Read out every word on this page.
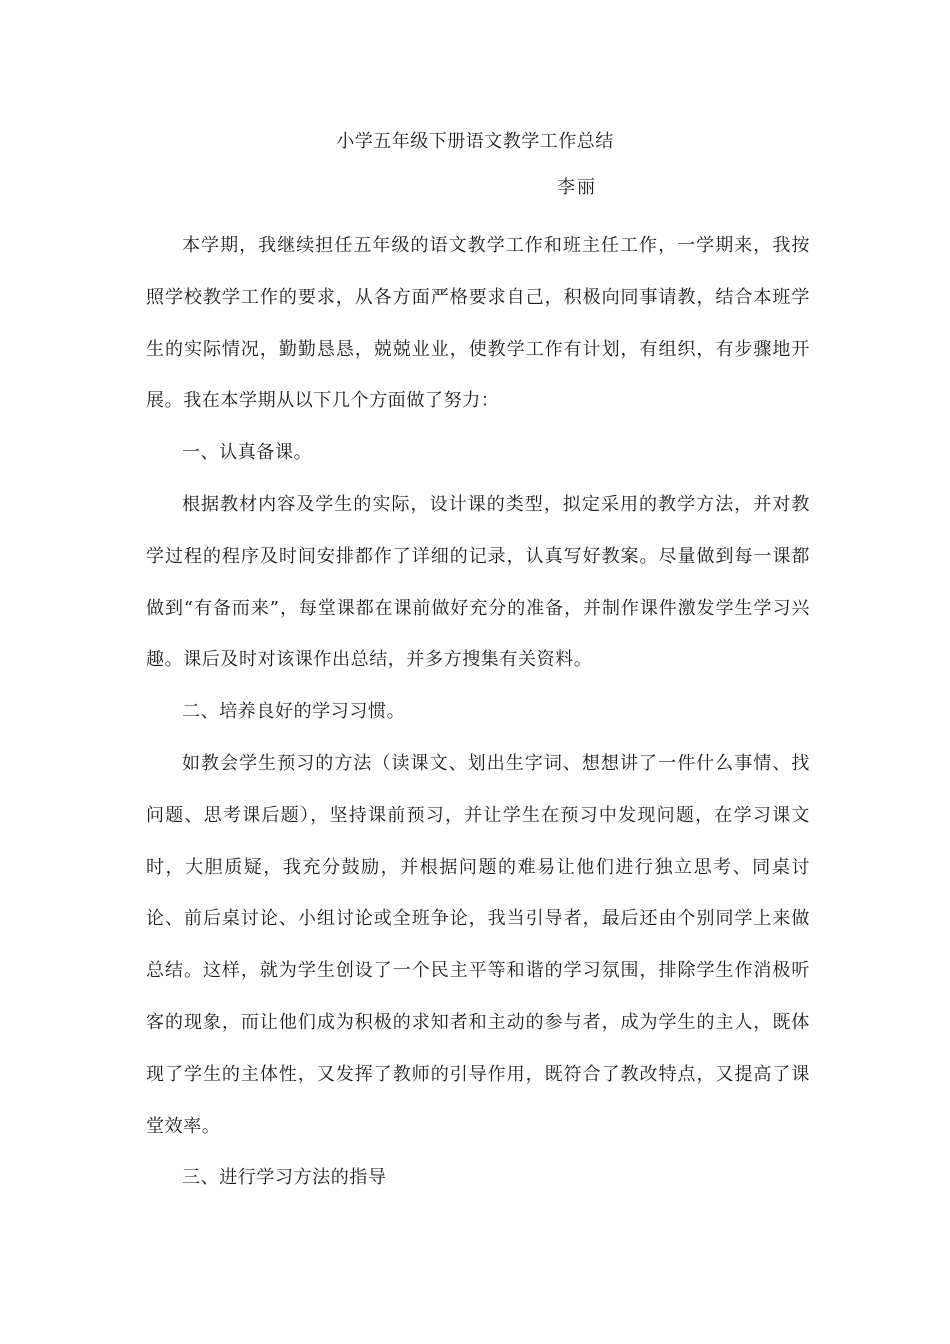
小学五年级下册语文教学工作总结
李丽

本学期，我继续担任五年级的语文教学工作和班主任工作，一学期来，我按照学校教学工作的要求，从各方面严格要求自己，积极向同事请教，结合本班学生的实际情况，勤勤恳恳，兢兢业业，使教学工作有计划，有组织，有步骤地开展。我在本学期从以下几个方面做了努力：

一、认真备课。

根据教材内容及学生的实际，设计课的类型，拟定采用的教学方法，并对教学过程的程序及时间安排都作了详细的记录，认真写好教案。尽量做到每一课都做到“有备而来”，每堂课都在课前做好充分的准备，并制作课件激发学生学习兴趣。课后及时对该课作出总结，并多方搜集有关资料。

二、培养良好的学习习惯。

如教会学生预习的方法（读课文、划出生字词、想想讲了一件什么事情、找问题、思考课后题），坚持课前预习，并让学生在预习中发现问题，在学习课文时，大胆质疑，我充分鼓励，并根据问题的难易让他们进行独立思考、同桌讨论、前后桌讨论、小组讨论或全班争论，我当引导者，最后还由个别同学上来做总结。这样，就为学生创设了一个民主平等和谐的学习氛围，排除学生作消极听客的现象，而让他们成为积极的求知者和主动的参与者，成为学生的主人，既体现了学生的主体性，又发挥了教师的引导作用，既符合了教改特点，又提高了课堂效率。

三、进行学习方法的指导
